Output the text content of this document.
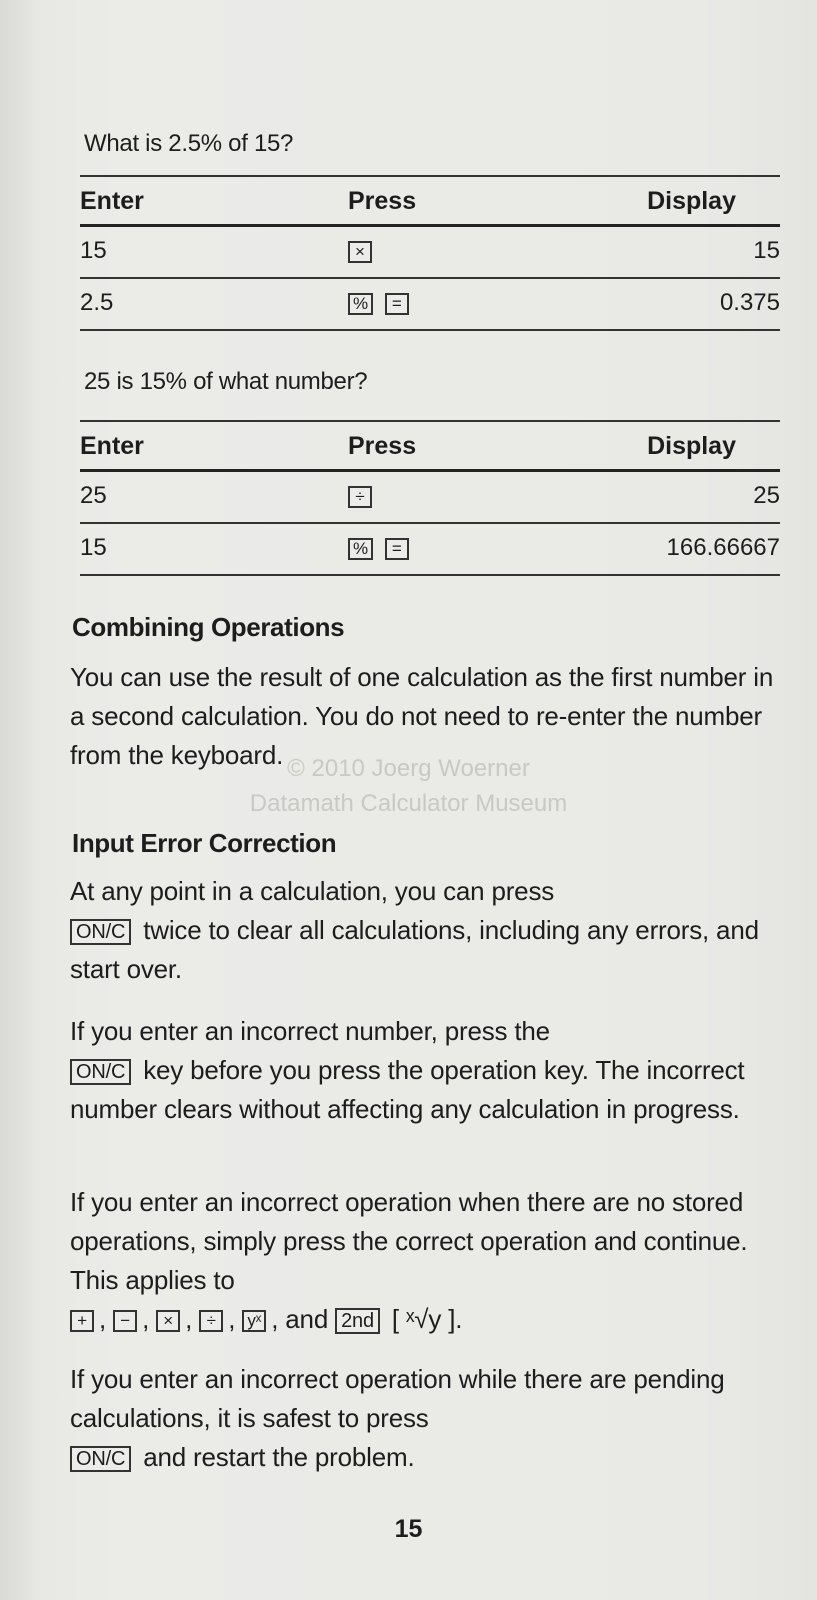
What is 2.5% of 15?
Enter	Press	Display
15	×	15
2.5	% =	0.375
25 is 15% of what number?
Enter	Press	Display
25	÷	25
15	% =	166.66667
Combining Operations
You can use the result of one calculation as the first number in a second calculation. You do not need to re-enter the number from the keyboard. © 2010 Joerg Woerner
Datamath Calculator Museum
Input Error Correction
At any point in a calculation, you can press
ON/C twice to clear all calculations, including any errors, and start over.
If you enter an incorrect number, press the
ON/C key before you press the operation key. The incorrect number clears without affecting any calculation in progress.
If you enter an incorrect operation when there are no stored operations, simply press the correct operation and continue. This applies to
+ , − , × , ÷ , yˣ , and 2nd [ ˣ√y ].
If you enter an incorrect operation while there are pending calculations, it is safest to press
ON/C and restart the problem.
15
